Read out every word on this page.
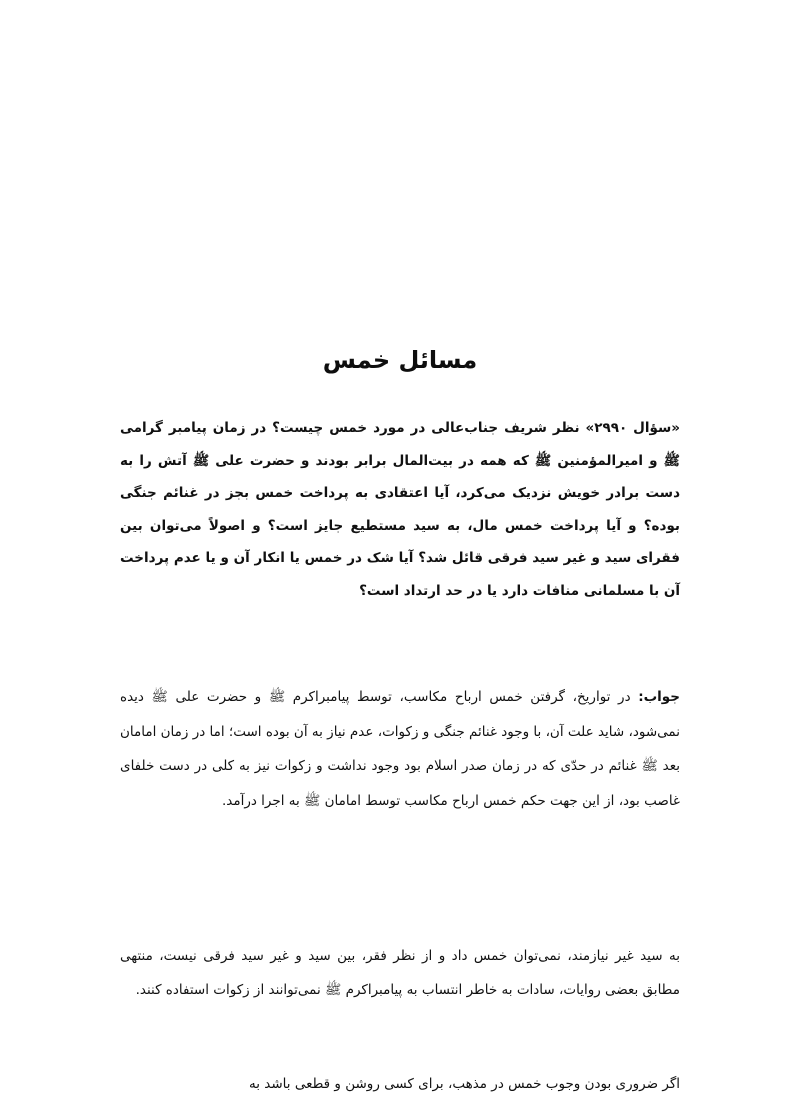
مسائل خمس

«سؤال ۲۹۹۰» نظر شریف جناب‌عالی در مورد خمس چیست؟ در زمان پیامبر گرامی ﷺ و امیرالمؤمنین ﷺ که همه در بیت‌المال برابر بودند و حضرت علی ﷺ آتش را به دست برادر خویش نزدیک می‌کرد، آیا اعتقادی به پرداخت خمس بجز در غنائم جنگی بوده؟ و آیا پرداخت خمس مال، به سید مستطیع جایز است؟ و اصولاً می‌توان بین فقرای سید و غیر سید فرقی قائل شد؟ آیا شک در خمس یا انکار آن و یا عدم پرداخت آن با مسلمانی منافات دارد یا در حد ارتداد است؟

جواب: در تواریخ، گرفتن خمس ارباح مکاسب، توسط پیامبراکرم ﷺ و حضرت علی ﷺ دیده نمی‌شود، شاید علت آن، با وجود غنائم جنگی و زکوات، عدم نیاز به آن بوده است؛ اما در زمان امامان بعد ﷺ غنائم در حدّی که در زمان صدر اسلام بود وجود نداشت و زکوات نیز به کلی در دست خلفای غاصب بود، از این جهت حکم خمس ارباح مکاسب توسط امامان ﷺ به اجرا درآمد.

به سید غیر نیازمند، نمی‌توان خمس داد و از نظر فقر، بین سید و غیر سید فرقی نیست، منتهی مطابق بعضی روایات، سادات به خاطر انتساب به پیامبراکرم ﷺ نمی‌توانند از زکوات استفاده کنند.

اگر ضروری بودن وجوب خمس در مذهب، برای کسی روشن و قطعی باشد به
